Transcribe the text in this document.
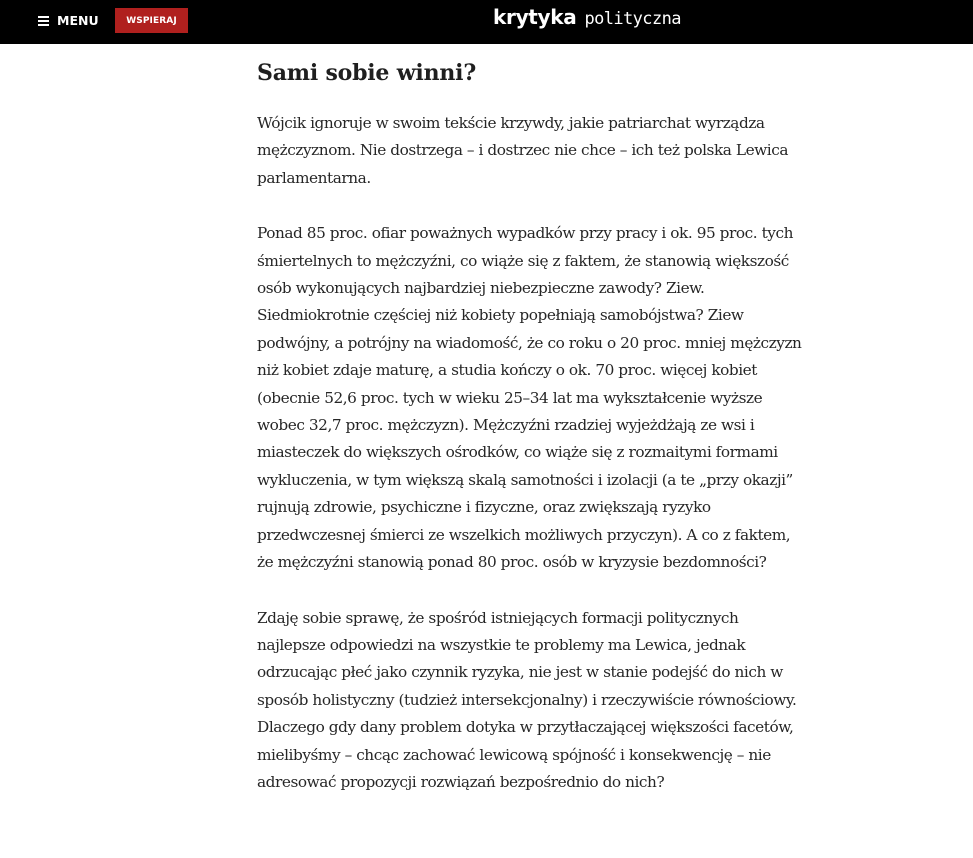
MENU	WSPIERAJ	krytyka polityczna
Sami sobie winni?

Wójcik ignoruje w swoim tekście krzywdy, jakie patriarchat wyrządza mężczyznom. Nie dostrzega – i dostrzec nie chce – ich też polska Lewica parlamentarna.

Ponad 85 proc. ofiar poważnych wypadków przy pracy i ok. 95 proc. tych śmiertelnych to mężczyźni, co wiąże się z faktem, że stanowią większość osób wykonujących najbardziej niebezpieczne zawody? Ziew. Siedmiokrotnie częściej niż kobiety popełniają samobójstwa? Ziew podwójny, a potrójny na wiadomość, że co roku o 20 proc. mniej mężczyzn niż kobiet zdaje maturę, a studia kończy o ok. 70 proc. więcej kobiet (obecnie 52,6 proc. tych w wieku 25–34 lat ma wykształcenie wyższe wobec 32,7 proc. mężczyzn). Mężczyźni rzadziej wyjeżdżają ze wsi i miasteczek do większych ośrodków, co wiąże się z rozmaitymi formami wykluczenia, w tym większą skalą samotności i izolacji (a te „przy okazji” rujnują zdrowie, psychiczne i fizyczne, oraz zwiększają ryzyko przedwczesnej śmierci ze wszelkich możliwych przyczyn). A co z faktem, że mężczyźni stanowią ponad 80 proc. osób w kryzysie bezdomności?

Zdaję sobie sprawę, że spośród istniejących formacji politycznych najlepsze odpowiedzi na wszystkie te problemy ma Lewica, jednak odrzucając płeć jako czynnik ryzyka, nie jest w stanie podejść do nich w sposób holistyczny (tudzież intersekcjonalny) i rzeczywiście równościowy. Dlaczego gdy dany problem dotyka w przytłaczającej większości facetów, mielibyśmy – chcąc zachować lewicową spójność i konsekwencję – nie adresować propozycji rozwiązań bezpośrednio do nich?
